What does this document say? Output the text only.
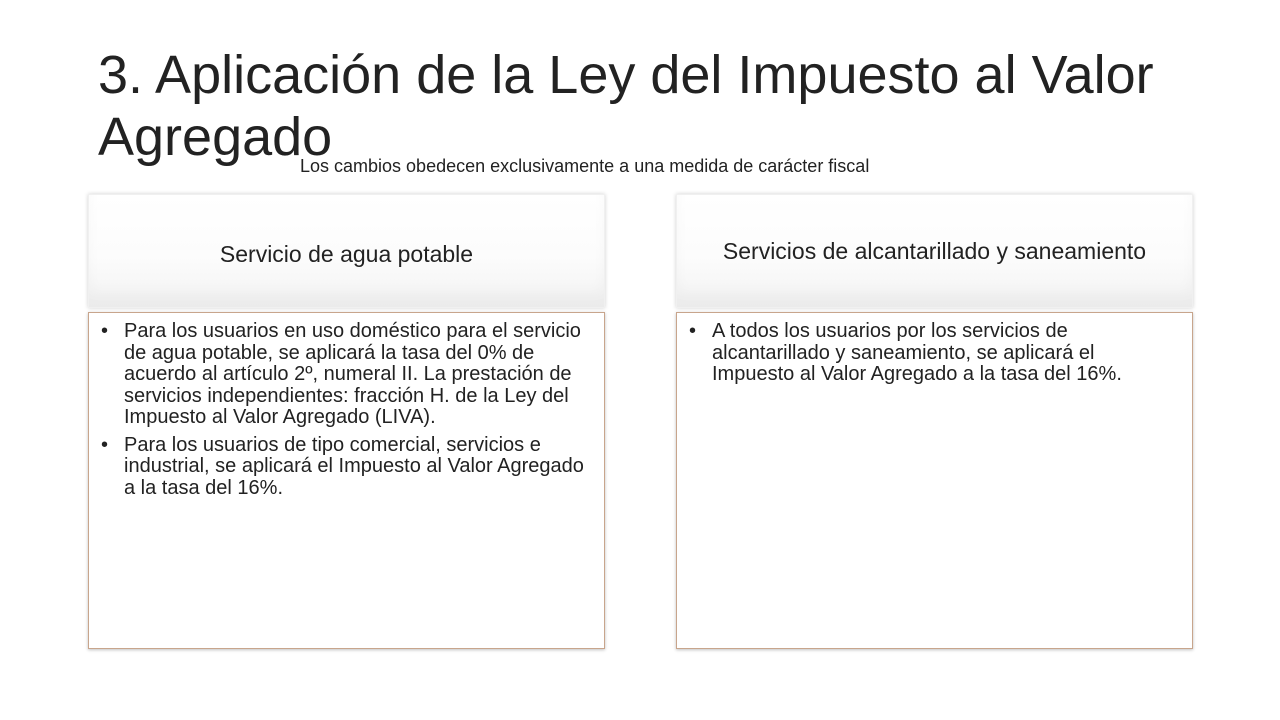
3. Aplicación de la Ley del Impuesto al Valor Agregado
Los cambios obedecen exclusivamente a una medida de carácter fiscal
Servicio de agua potable
• Para los usuarios en uso doméstico para el servicio de agua potable, se aplicará la tasa del 0% de acuerdo al artículo 2º, numeral II. La prestación de servicios independientes: fracción H. de la Ley del Impuesto al Valor Agregado (LIVA).
• Para los usuarios de tipo comercial, servicios e industrial, se aplicará el Impuesto al Valor Agregado a la tasa del 16%.
Servicios de alcantarillado y saneamiento
• A todos los usuarios por los servicios de alcantarillado y saneamiento, se aplicará el Impuesto al Valor Agregado a la tasa del 16%.
